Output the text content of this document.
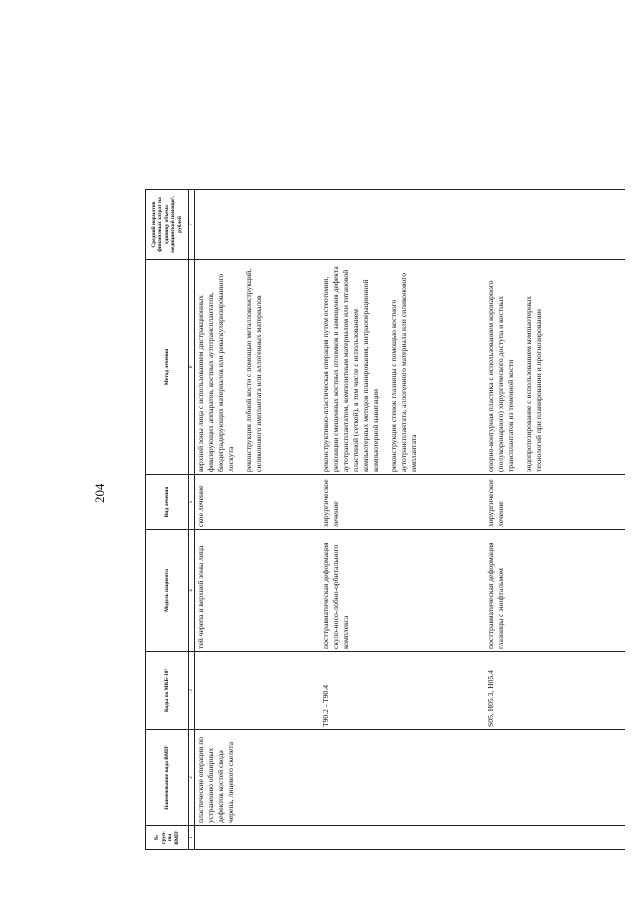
204
№ груп-пы ВМП¹	Наименование вида ВМП¹	Коды по МКБ-10²	Модель пациента	Вид лечения	Метод лечения	Средний норматив финансовых затрат на единицу объема медицинской помощи³, рублей
1	2	3	4	5	6	7
	пластические операции по устранению обширных дефектов костей свода черепа, лицевого скелета		тей черепа и верхней зоны лица	ское лечение	верхней зоны лица с использованием дистракционных фиксирующих аппаратов, костных аутотрансплантатов, биодеградирующих материалов или реваскуляризированного лоскута реконструкция лобной кости с помощью металлоконструкций, силиконового имплантата или аллогенных материалов	
		T90.2 - T90.4	посттравматическая деформация скуло-носо-лобно-орбитального комплекса	хирургическое лечение	реконструктивно-пластическая операция путем остеотомии, репозиции смещенных костных отломков и замещения дефекта аутотрансплантатом, композитным материалом или титановой пластиной (сеткой), в том числе с использованием компьютерных методов планирования, интраоперационной компьютерной навигации реконструкция стенок глазницы с помощью костного аутотрансплантата, аллогенного материала или силиконового имплантата	
		S05, H05.3, H05.4	посттравматическая деформация глазницы с энофтальмом	хирургическое лечение	опорно-контурная пластика с использованием коронарного (полукоронарного) хирургического доступа и костных трансплантатов из теменной кости эндопротезирование с использованием компьютерных технологий при планировании и прогнозировании	
